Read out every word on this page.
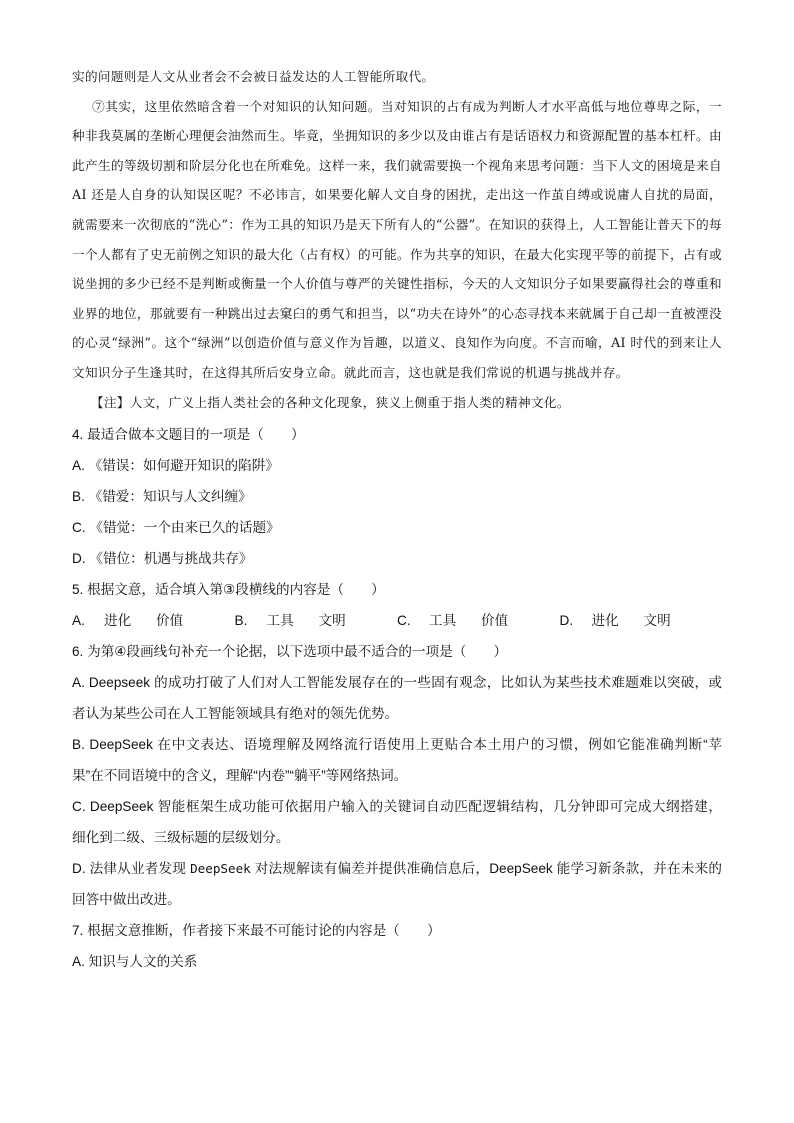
实的问题则是人文从业者会不会被日益发达的人工智能所取代。

⑦其实，这里依然暗含着一个对知识的认知问题。当对知识的占有成为判断人才水平高低与地位尊卑之际，一种非我莫属的垄断心理便会油然而生。毕竟，坐拥知识的多少以及由谁占有是话语权力和资源配置的基本杠杆。由此产生的等级切割和阶层分化也在所难免。这样一来，我们就需要换一个视角来思考问题：当下人文的困境是来自 AI 还是人自身的认知误区呢？不必讳言，如果要化解人文自身的困扰，走出这一作茧自缚或说庸人自扰的局面，就需要来一次彻底的“洗心”：作为工具的知识乃是天下所有人的“公器”。在知识的获得上，人工智能让普天下的每一个人都有了史无前例之知识的最大化（占有权）的可能。作为共享的知识，在最大化实现平等的前提下，占有或说坐拥的多少已经不是判断或衡量一个人价值与尊严的关键性指标，今天的人文知识分子如果要赢得社会的尊重和业界的地位，那就要有一种跳出过去窠臼的勇气和担当，以“功夫在诗外”的心态寻找本来就属于自己却一直被湮没的心灵“绿洲”。这个“绿洲”以创造价值与意义作为旨趣，以道义、良知作为向度。不言而喻，AI 时代的到来让人文知识分子生逢其时，在这得其所后安身立命。就此而言，这也就是我们常说的机遇与挑战并存。

【注】人文，广义上指人类社会的各种文化现象，狭义上侧重于指人类的精神文化。

4. 最适合做本文题目的一项是（　　）

A. 《错误：如何避开知识的陷阱》

B. 《错爱：知识与人文纠缠》

C. 《错觉：一个由来已久的话题》

D. 《错位：机遇与挑战共存》

5. 根据文意，适合填入第③段横线的内容是（　　）

A.	进化	价值	B.	工具	文明	C.	工具	价值	D.	进化	文明

6. 为第④段画线句补充一个论据，以下选项中最不适合的一项是（　　）

A. Deepseek 的成功打破了人们对人工智能发展存在的一些固有观念，比如认为某些技术难题难以突破，或

者认为某些公司在人工智能领域具有绝对的领先优势。

B. DeepSeek 在中文表达、语境理解及网络流行语使用上更贴合本土用户的习惯，例如它能准确判断“苹

果”在不同语境中的含义，理解“内卷”“躺平”等网络热词。

C. DeepSeek 智能框架生成功能可依据用户输入的关键词自动匹配逻辑结构，几分钟即可完成大纲搭建，

细化到二级、三级标题的层级划分。

D. 法律从业者发现 DeepSeek 对法规解读有偏差并提供准确信息后，DeepSeek 能学习新条款，并在未来的

回答中做出改进。

7. 根据文意推断，作者接下来最不可能讨论的内容是（　　）

A. 知识与人文的关系
